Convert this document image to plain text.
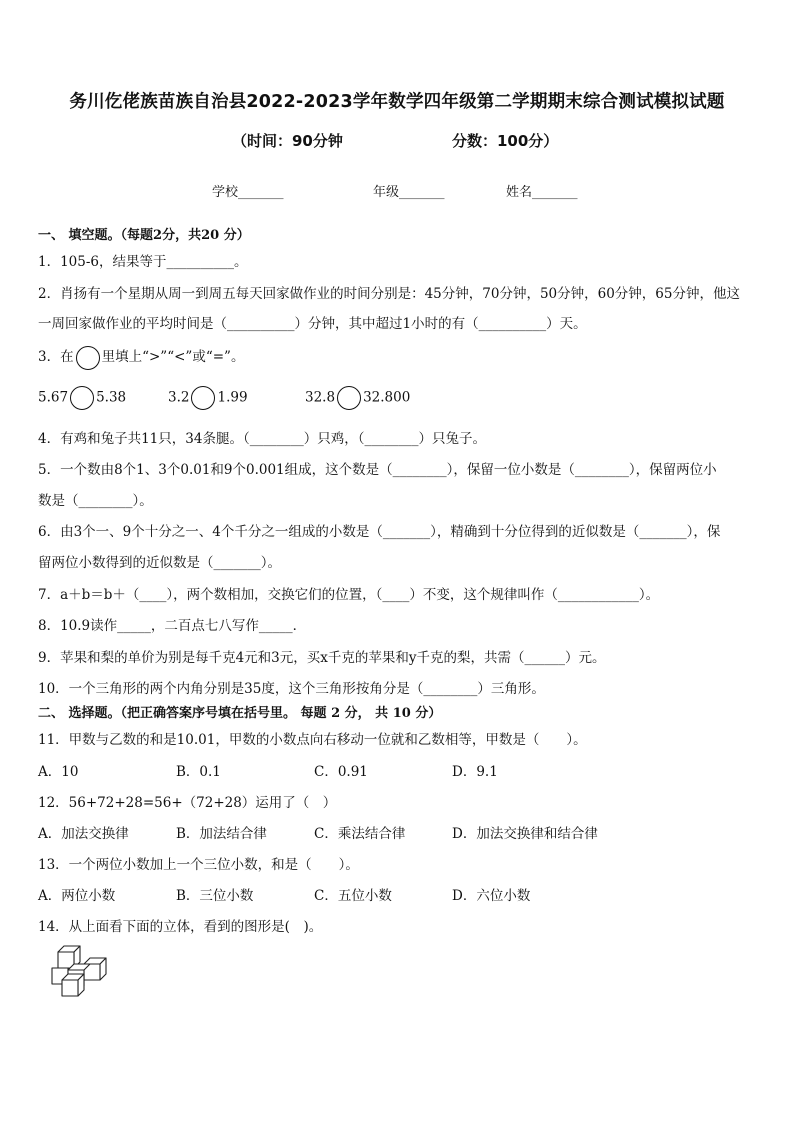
务川仡佬族苗族自治县2022-2023学年数学四年级第二学期期末综合测试模拟试题
（时间：90分钟	分数：100分）
学校_______	年级_______	姓名_______
一、 填空题。（每题2分，共20 分）
1．105-6，结果等于__________。
2．肖扬有一个星期从周一到周五每天回家做作业的时间分别是：45分钟，70分钟，50分钟，60分钟，65分钟，他这
一周回家做作业的平均时间是（__________）分钟，其中超过1小时的有（__________）天。
3．在 里填上“>”“<”或“=”。
5.67 5.38	3.2 1.99	32.8 32.800
4．有鸡和兔子共11只，34条腿。（________）只鸡，（________）只兔子。
5．一个数由8个1、3个0.01和9个0.001组成，这个数是（________），保留一位小数是（________），保留两位小
数是（________）。
6．由3个一、9个十分之一、4个千分之一组成的小数是（_______），精确到十分位得到的近似数是（_______），保
留两位小数得到的近似数是（_______）。
7．a＋b＝b＋（____），两个数相加，交换它们的位置，（____）不变，这个规律叫作（____________）。
8．10.9读作_____，二百点七八写作_____．
9．苹果和梨的单价为别是每千克4元和3元，买x千克的苹果和y千克的梨，共需（______）元。
10．一个三角形的两个内角分别是35度，这个三角形按角分是（________）三角形。
二、 选择题。（把正确答案序号填在括号里。 每题 2 分， 共 10 分）
11．甲数与乙数的和是10.01，甲数的小数点向右移动一位就和乙数相等，甲数是（　　）。
A．10	B．0.1	C．0.91	D．9.1
12．56+72+28=56+（72+28）运用了（　）
A．加法交换律	B．加法结合律	C．乘法结合律	D．加法交换律和结合律
13．一个两位小数加上一个三位小数，和是（　　）。
A．两位小数	B．三位小数	C．五位小数	D．六位小数
14．从上面看下面的立体，看到的图形是(　)。
